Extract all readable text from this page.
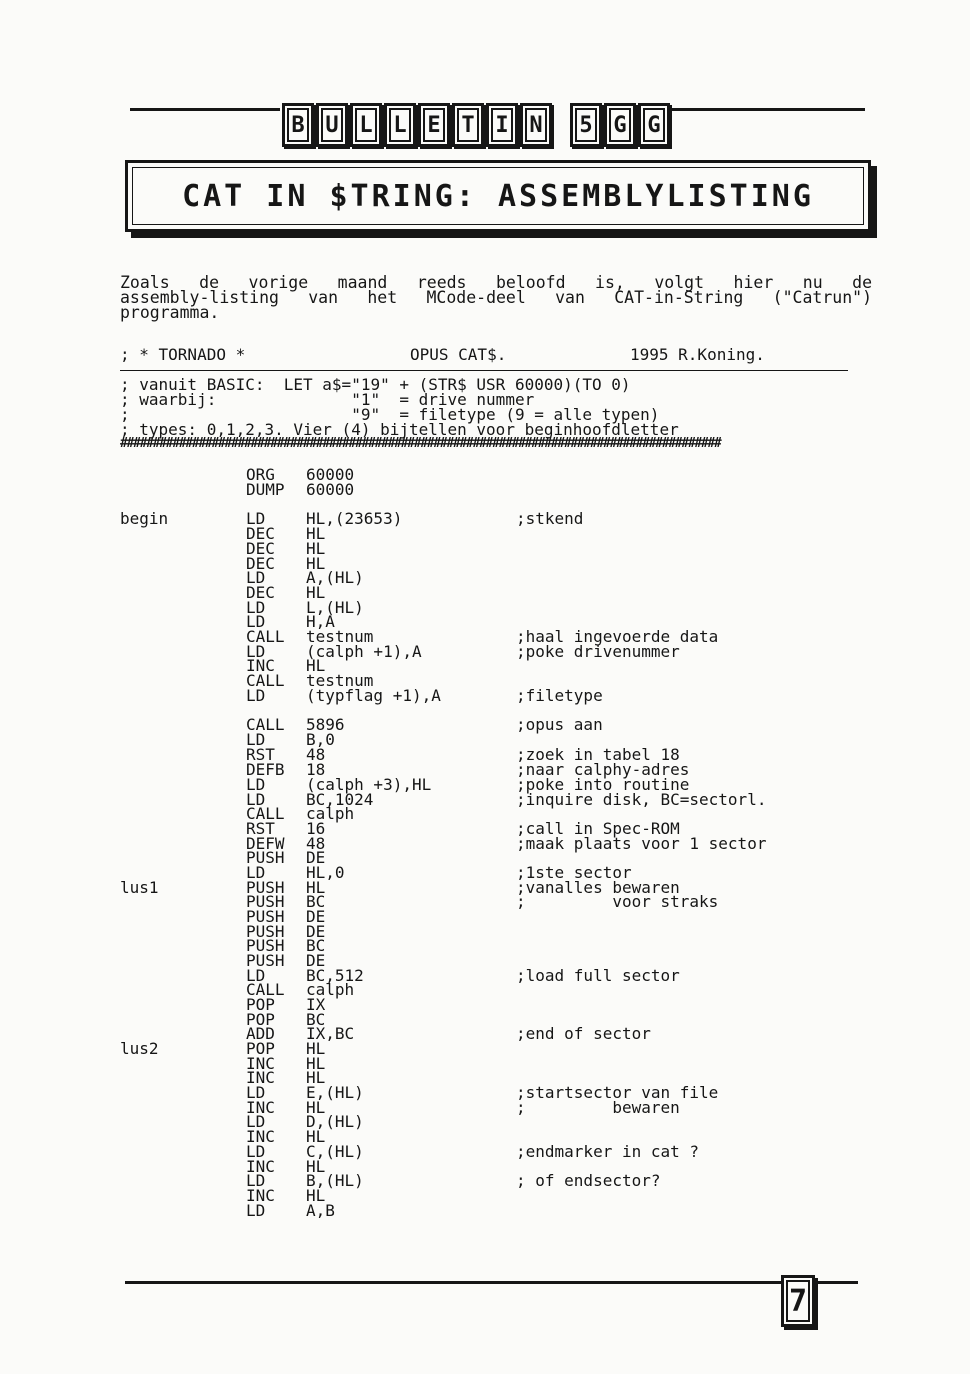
B U L L E T I N	5 G G
CAT IN $TRING: ASSEMBLYLISTING
Zoals de vorige maand reeds beloofd is, volgt hier nu de
assembly-listing van het MCode-deel van CAT-in-String ("Catrun")
programma.
; * TORNADO *	OPUS CAT$.	1995 R.Koning.
; vanuit BASIC:  LET a$="19" + (STR$ USR 60000)(TO 0)
; waarbij:              "1"  = drive nummer
;                       "9"  = filetype (9 = alle typen)
; types: 0,1,2,3. Vier (4) bijtellen voor beginhoofdletter
############################################################################################
ORG 60000
DUMP 60000
begin	LD	HL,(23653)	;stkend
DEC HL
DEC HL
DEC HL
LD	A,(HL)
DEC HL
LD	L,(HL)
LD	H,A
CALL testnum	;haal ingevoerde data
LD	(calph +1),A	;poke drivenummer
INC HL
CALL testnum
LD	(typflag +1),A	;filetype
CALL 5896	;opus aan
LD	B,0
RST 48	;zoek in tabel 18
DEFB 18	;naar calphy-adres
LD	(calph +3),HL	;poke into routine
LD	BC,1024	;inquire disk, BC=sectorl.
CALL calph
RST 16	;call in Spec-ROM
DEFW 48	;maak plaats voor 1 sector
PUSH DE
LD	HL,0	;1ste sector
lus1	PUSH HL	;vanalles bewaren
PUSH BC	;         voor straks
PUSH DE
PUSH DE
PUSH BC
PUSH DE
LD	BC,512	;load full sector
CALL calph
POP IX
POP BC
ADD IX,BC	;end of sector
lus2	POP HL
INC HL
INC HL
LD	E,(HL)	;startsector van file
INC HL	;         bewaren
LD	D,(HL)
INC HL
LD	C,(HL)	;endmarker in cat ?
INC HL
LD	B,(HL)	; of endsector?
INC HL
LD	A,B
7
